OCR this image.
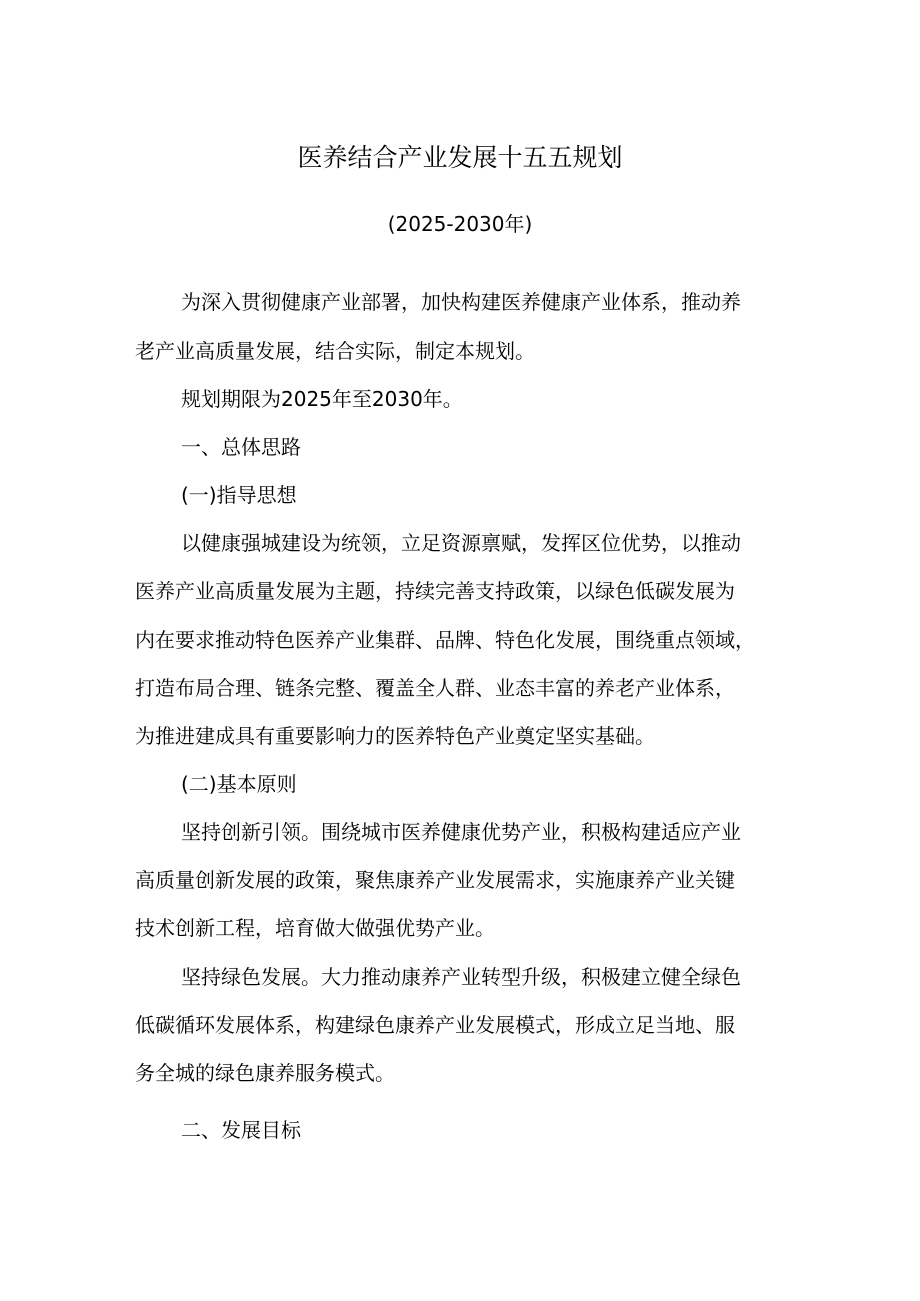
医养结合产业发展十五五规划
(2025-2030年)
为深入贯彻健康产业部署，加快构建医养健康产业体系，推动养
老产业高质量发展，结合实际，制定本规划。
规划期限为2025年至2030年。
一、总体思路
(一)指导思想
以健康强城建设为统领，立足资源禀赋，发挥区位优势，以推动
医养产业高质量发展为主题，持续完善支持政策，以绿色低碳发展为
内在要求推动特色医养产业集群、品牌、特色化发展，围绕重点领域，
打造布局合理、链条完整、覆盖全人群、业态丰富的养老产业体系，
为推进建成具有重要影响力的医养特色产业奠定坚实基础。
(二)基本原则
坚持创新引领。围绕城市医养健康优势产业，积极构建适应产业
高质量创新发展的政策，聚焦康养产业发展需求，实施康养产业关键
技术创新工程，培育做大做强优势产业。
坚持绿色发展。大力推动康养产业转型升级，积极建立健全绿色
低碳循环发展体系，构建绿色康养产业发展模式，形成立足当地、服
务全城的绿色康养服务模式。
二、发展目标
